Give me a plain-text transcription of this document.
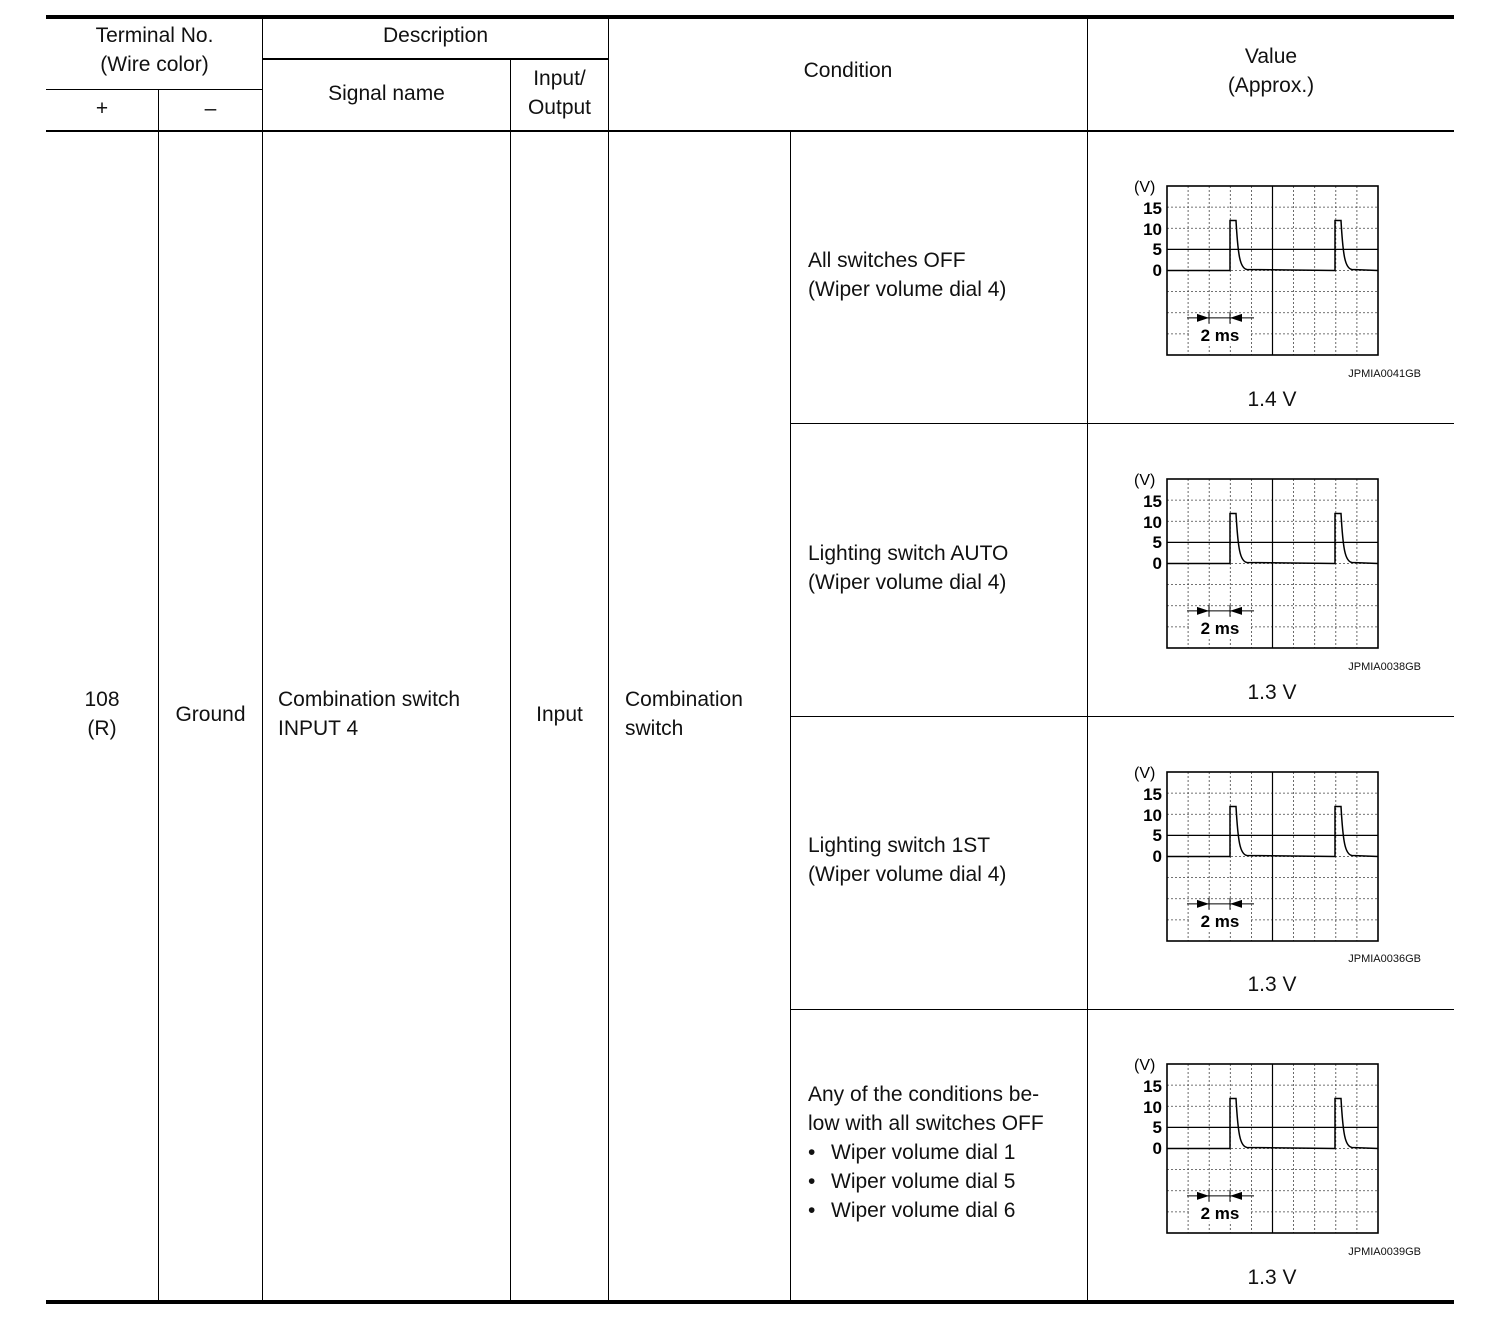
Terminal No.
(Wire color)
+	–
Description
Signal name
Input/
Output
Condition
Value
(Approx.)
108
(R)
Ground
Combination switch
INPUT 4
Input
Combination
switch
All switches OFF
(Wiper volume dial 4)
Lighting switch AUTO
(Wiper volume dial 4)
Lighting switch 1ST
(Wiper volume dial 4)
Any of the conditions be-
low with all switches OFF
• Wiper volume dial 1
• Wiper volume dial 5
• Wiper volume dial 6
(V)
15
10
5
0
2 ms
JPMIA0041GB
1.4 V
(V)
15
10
5
0
2 ms
JPMIA0038GB
1.3 V
(V)
15
10
5
0
2 ms
JPMIA0036GB
1.3 V
(V)
15
10
5
0
2 ms
JPMIA0039GB
1.3 V
